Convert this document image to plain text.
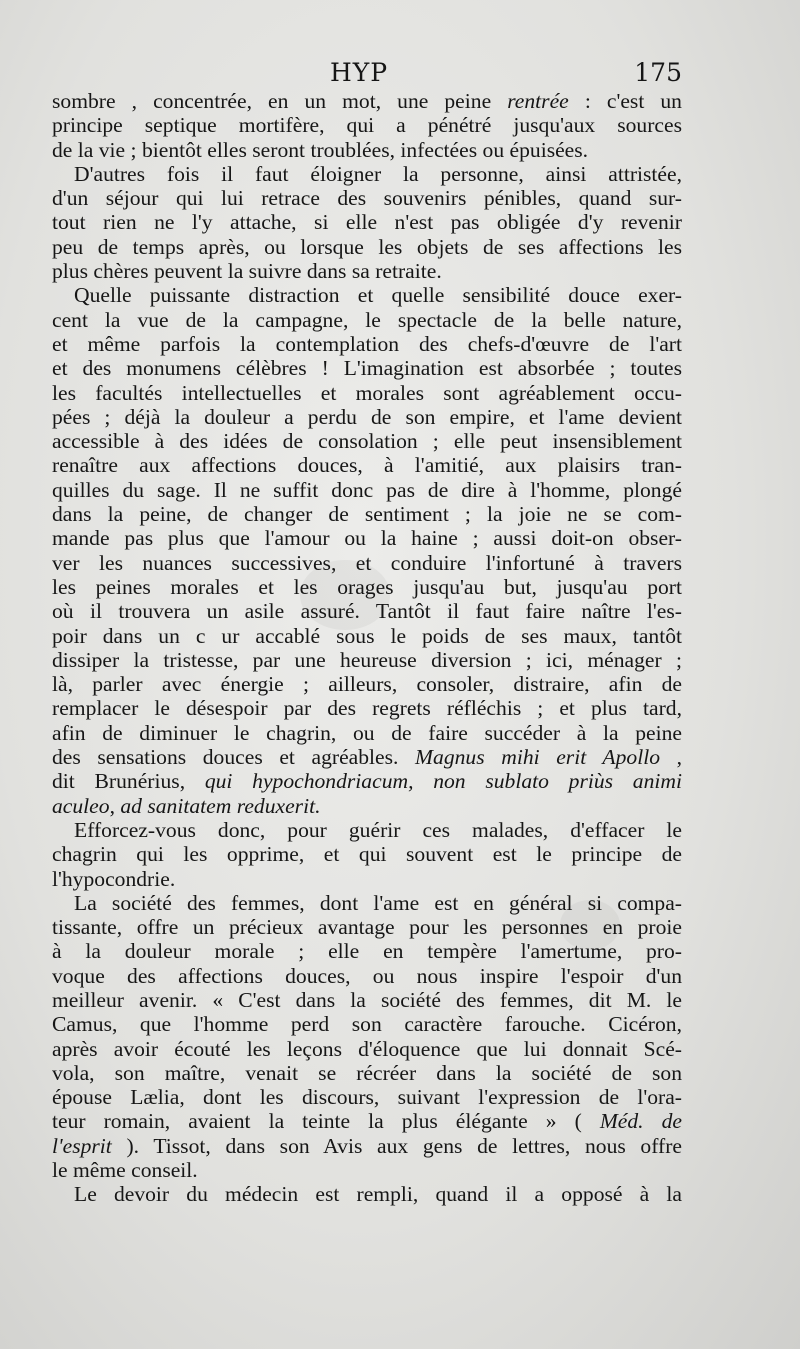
HYP	175

sombre , concentrée, en un mot, une peine rentrée : c'est un

principe septique mortifère, qui a pénétré jusqu'aux sources

de la vie ; bientôt elles seront troublées, infectées ou épuisées.

D'autres fois il faut éloigner la personne, ainsi attristée,

d'un séjour qui lui retrace des souvenirs pénibles, quand sur-

tout rien ne l'y attache, si elle n'est pas obligée d'y revenir

peu de temps après, ou lorsque les objets de ses affections les

plus chères peuvent la suivre dans sa retraite.

Quelle puissante distraction et quelle sensibilité douce exer-

cent la vue de la campagne, le spectacle de la belle nature,

et même parfois la contemplation des chefs-d'œuvre de l'art

et des monumens célèbres ! L'imagination est absorbée ; toutes

les facultés intellectuelles et morales sont agréablement occu-

pées ; déjà la douleur a perdu de son empire, et l'ame devient

accessible à des idées de consolation ; elle peut insensiblement

renaître aux affections douces, à l'amitié, aux plaisirs tran-

quilles du sage. Il ne suffit donc pas de dire à l'homme, plongé

dans la peine, de changer de sentiment ; la joie ne se com-

mande pas plus que l'amour ou la haine ; aussi doit-on obser-

ver les nuances successives, et conduire l'infortuné à travers

les peines morales et les orages jusqu'au but, jusqu'au port

où il trouvera un asile assuré. Tantôt il faut faire naître l'es-

poir dans un c ur accablé sous le poids de ses maux, tantôt

dissiper la tristesse, par une heureuse diversion ; ici, ménager ;

là, parler avec énergie ; ailleurs, consoler, distraire, afin de

remplacer le désespoir par des regrets réfléchis ; et plus tard,

afin de diminuer le chagrin, ou de faire succéder à la peine

des sensations douces et agréables. Magnus mihi erit Apollo ,

dit Brunérius, qui hypochondriacum, non sublato priùs animi

aculeo, ad sanitatem reduxerit.

Efforcez-vous donc, pour guérir ces malades, d'effacer le

chagrin qui les opprime, et qui souvent est le principe de

l'hypocondrie.

La société des femmes, dont l'ame est en général si compa-

tissante, offre un précieux avantage pour les personnes en proie

à la douleur morale ; elle en tempère l'amertume, pro-

voque des affections douces, ou nous inspire l'espoir d'un

meilleur avenir. « C'est dans la société des femmes, dit M. le

Camus, que l'homme perd son caractère farouche. Cicéron,

après avoir écouté les leçons d'éloquence que lui donnait Scé-

vola, son maître, venait se récréer dans la société de son

épouse Lælia, dont les discours, suivant l'expression de l'ora-

teur romain, avaient la teinte la plus élégante » ( Méd. de

l'esprit ). Tissot, dans son Avis aux gens de lettres, nous offre

le même conseil.

Le devoir du médecin est rempli, quand il a opposé à la
